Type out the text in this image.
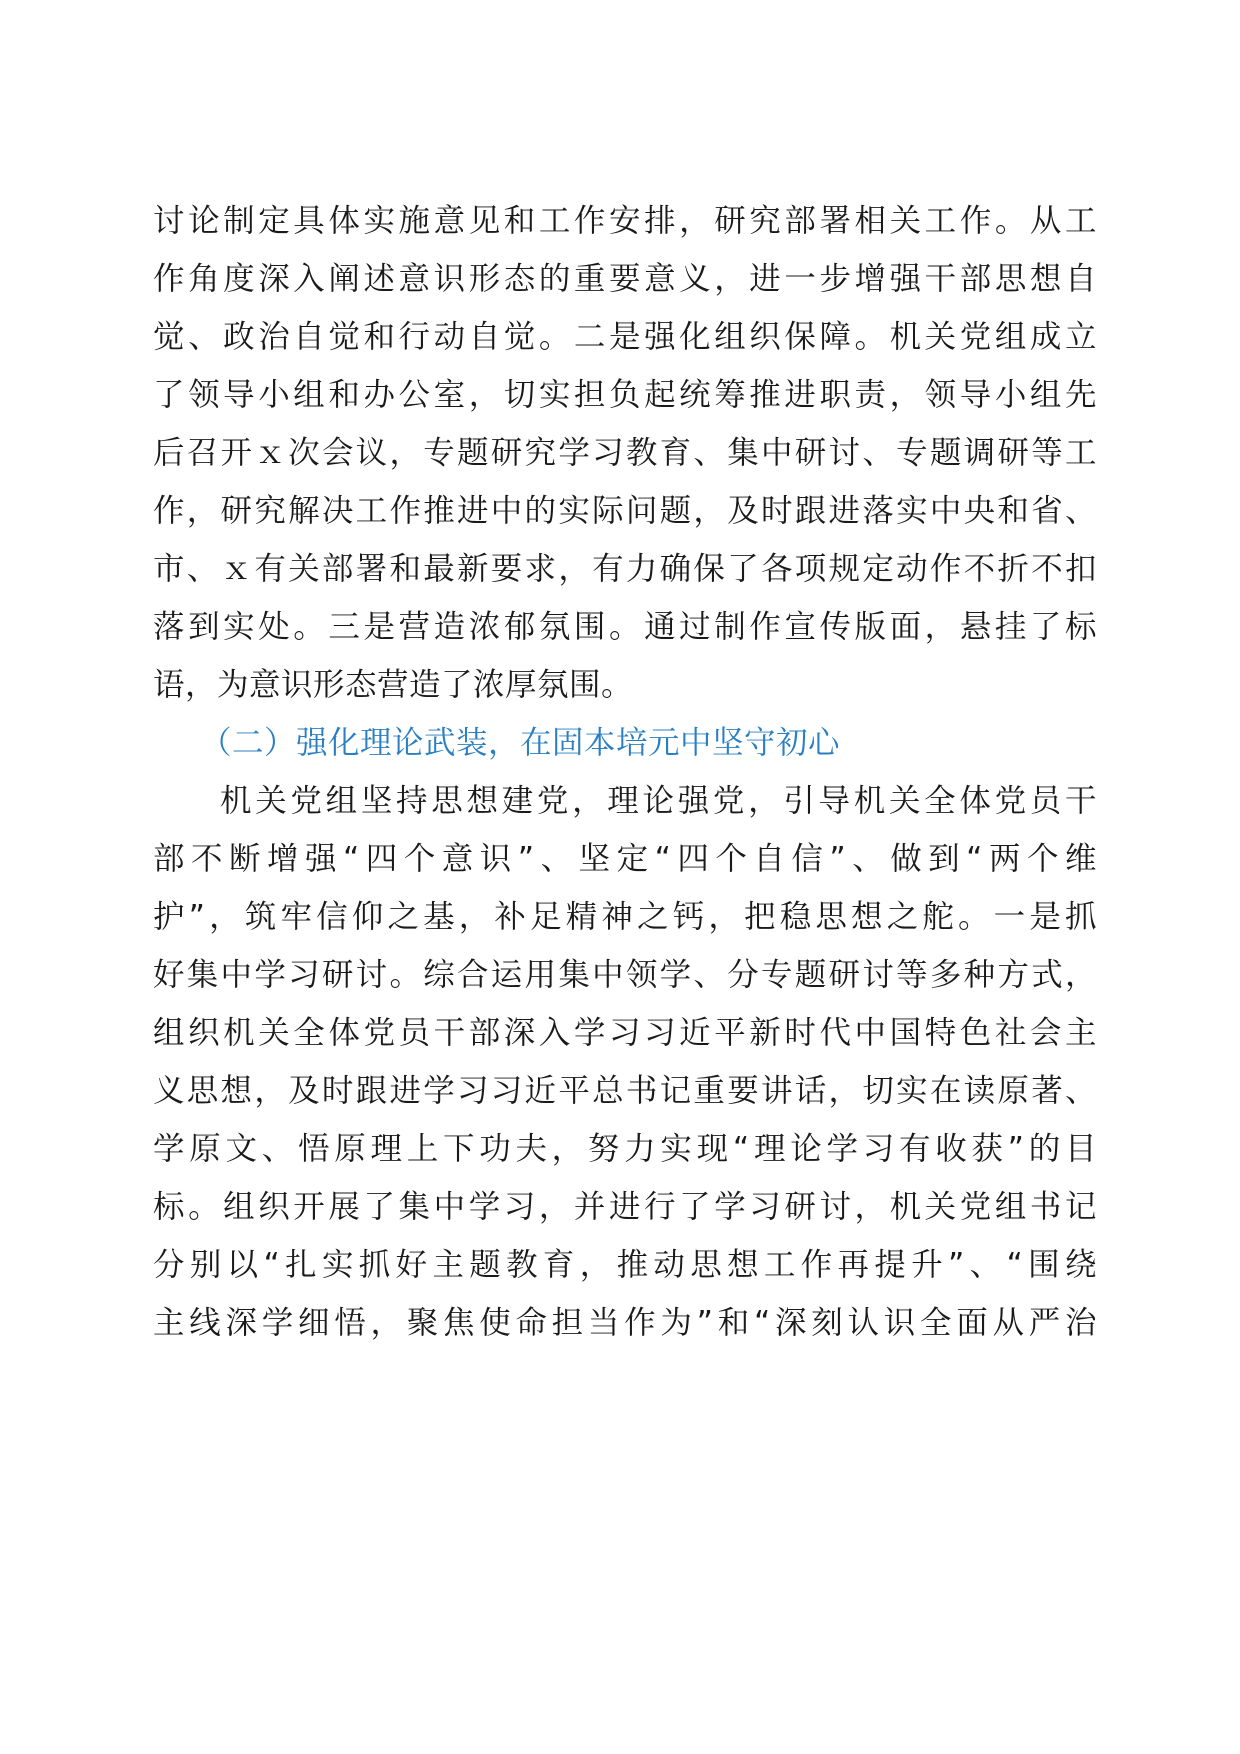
讨论制定具体实施意见和工作安排，研究部署相关工作。从工
作角度深入阐述意识形态的重要意义，进一步增强干部思想自
觉、政治自觉和行动自觉。二是强化组织保障。机关党组成立
了领导小组和办公室，切实担负起统筹推进职责，领导小组先
后召开ｘ次会议，专题研究学习教育、集中研讨、专题调研等工
作，研究解决工作推进中的实际问题，及时跟进落实中央和省、
市、ｘ有关部署和最新要求，有力确保了各项规定动作不折不扣
落到实处。三是营造浓郁氛围。通过制作宣传版面，悬挂了标
语，为意识形态营造了浓厚氛围。
（二）强化理论武装，在固本培元中坚守初心
机关党组坚持思想建党，理论强党，引导机关全体党员干
部不断增强“四个意识”、坚定“四个自信”、做到“两个维
护”，筑牢信仰之基，补足精神之钙，把稳思想之舵。一是抓
好集中学习研讨。综合运用集中领学、分专题研讨等多种方式，
组织机关全体党员干部深入学习习近平新时代中国特色社会主
义思想，及时跟进学习习近平总书记重要讲话，切实在读原著、
学原文、悟原理上下功夫，努力实现“理论学习有收获”的目
标。组织开展了集中学习，并进行了学习研讨，机关党组书记
分别以“扎实抓好主题教育，推动思想工作再提升”、“围绕
主线深学细悟，聚焦使命担当作为”和“深刻认识全面从严治
